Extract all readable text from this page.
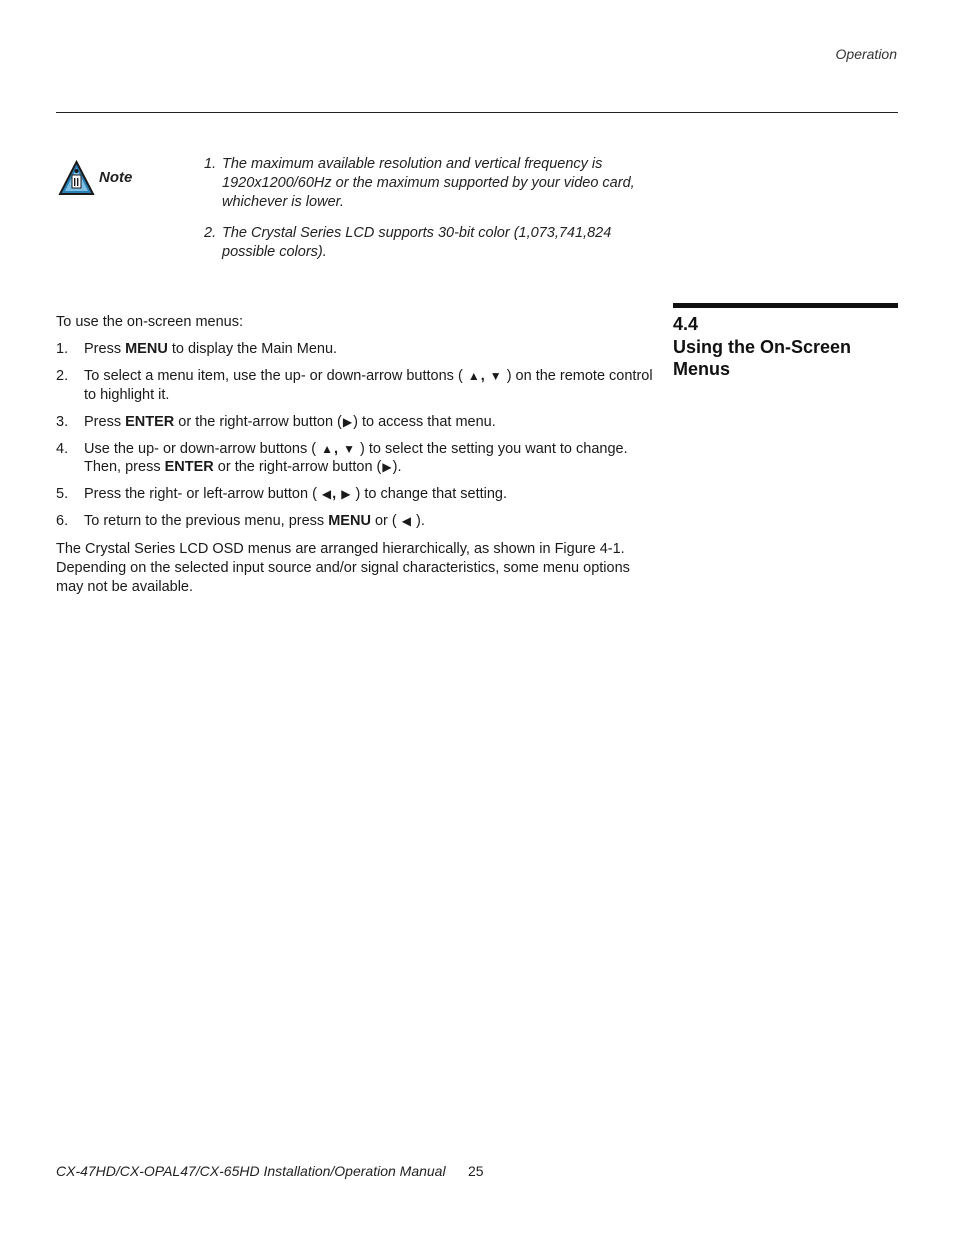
Operation
Note
1. The maximum available resolution and vertical frequency is 1920x1200/60Hz or the maximum supported by your video card, whichever is lower.
2. The Crystal Series LCD supports 30-bit color (1,073,741,824 possible colors).
4.4
Using the On-Screen Menus
To use the on-screen menus:
1.	Press MENU to display the Main Menu.
2.	To select a menu item, use the up- or down-arrow buttons ( ▲, ▼ ) on the remote control to highlight it.
3.	Press ENTER or the right-arrow button (▶) to access that menu.
4.	Use the up- or down-arrow buttons ( ▲, ▼ ) to select the setting you want to change. Then, press ENTER or the right-arrow button (▶).
5.	Press the right- or left-arrow button ( ◀, ▶ ) to change that setting.
6.	To return to the previous menu, press MENU or ( ◀ ).
The Crystal Series LCD OSD menus are arranged hierarchically, as shown in Figure 4-1. Depending on the selected input source and/or signal characteristics, some menu options may not be available.
CX-47HD/CX-OPAL47/CX-65HD Installation/Operation Manual 25
